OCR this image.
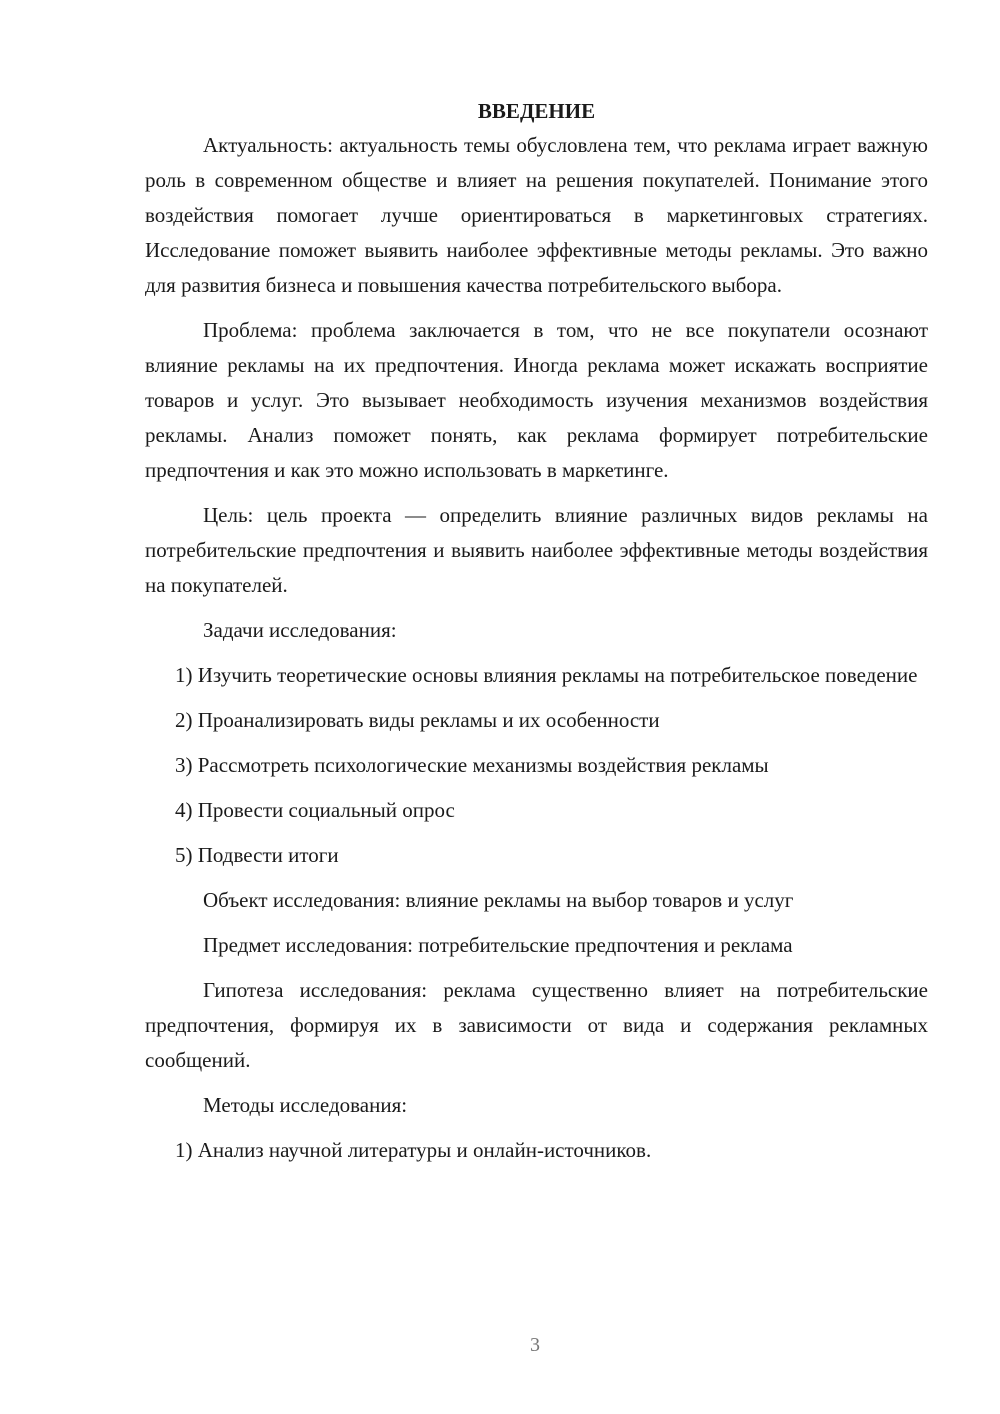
ВВЕДЕНИЕ

Актуальность: актуальность темы обусловлена тем, что реклама играет важную роль в современном обществе и влияет на решения покупателей. Понимание этого воздействия помогает лучше ориентироваться в маркетинговых стратегиях. Исследование поможет выявить наиболее эффективные методы рекламы. Это важно для развития бизнеса и повышения качества потребительского выбора.

Проблема: проблема заключается в том, что не все покупатели осознают влияние рекламы на их предпочтения. Иногда реклама может искажать восприятие товаров и услуг. Это вызывает необходимость изучения механизмов воздействия рекламы. Анализ поможет понять, как реклама формирует потребительские предпочтения и как это можно использовать в маркетинге.

Цель: цель проекта — определить влияние различных видов рекламы на потребительские предпочтения и выявить наиболее эффективные методы воздействия на покупателей.

Задачи исследования:

1) Изучить теоретические основы влияния рекламы на потребительское поведение

2) Проанализировать виды рекламы и их особенности

3) Рассмотреть психологические механизмы воздействия рекламы

4) Провести социальный опрос

5) Подвести итоги

Объект исследования: влияние рекламы на выбор товаров и услуг

Предмет исследования: потребительские предпочтения и реклама

Гипотеза исследования: реклама существенно влияет на потребительские предпочтения, формируя их в зависимости от вида и содержания рекламных сообщений.

Методы исследования:

1) Анализ научной литературы и онлайн-источников.

3
